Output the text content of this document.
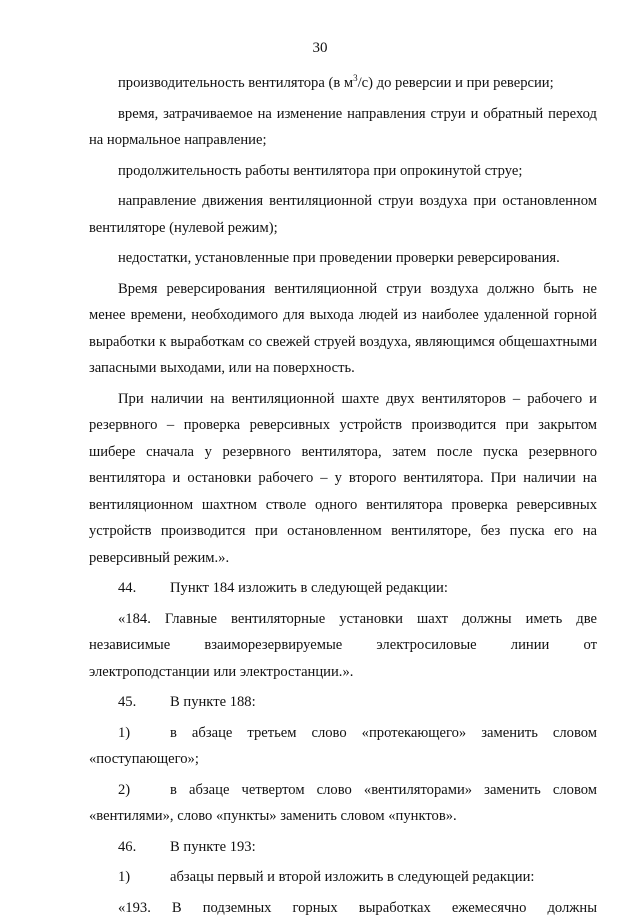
30

производительность вентилятора (в $м^3/с$) до реверсии и при реверсии;

время, затрачиваемое на изменение направления струи и обратный переход на нормальное направление;

продолжительность работы вентилятора при опрокинутой струе;

направление движения вентиляционной струи воздуха при остановленном вентиляторе (нулевой режим);

недостатки, установленные при проведении проверки реверсирования.

Время реверсирования вентиляционной струи воздуха должно быть не менее времени, необходимого для выхода людей из наиболее удаленной горной выработки к выработкам со свежей струей воздуха, являющимся общешахтными запасными выходами, или на поверхность.

При наличии на вентиляционной шахте двух вентиляторов – рабочего и резервного – проверка реверсивных устройств производится при закрытом шибере сначала у резервного вентилятора, затем после пуска резервного вентилятора и остановки рабочего – у второго вентилятора. При наличии на вентиляционном шахтном стволе одного вентилятора проверка реверсивных устройств производится при остановленном вентиляторе, без пуска его на реверсивный режим.».

44. Пункт 184 изложить в следующей редакции:

«184. Главные вентиляторные установки шахт должны иметь две независимые взаиморезервируемые электросиловые линии от электроподстанции или электростанции.».

45. В пункте 188:

1)	в абзаце третьем слово «протекающего» заменить словом «поступающего»;

2)	в абзаце четвертом слово «вентиляторами» заменить словом «вентилями», слово «пункты» заменить словом «пунктов».

46. В пункте 193:

1)	абзацы первый и второй изложить в следующей редакции:

«193. В подземных горных выработках ежемесячно должны
